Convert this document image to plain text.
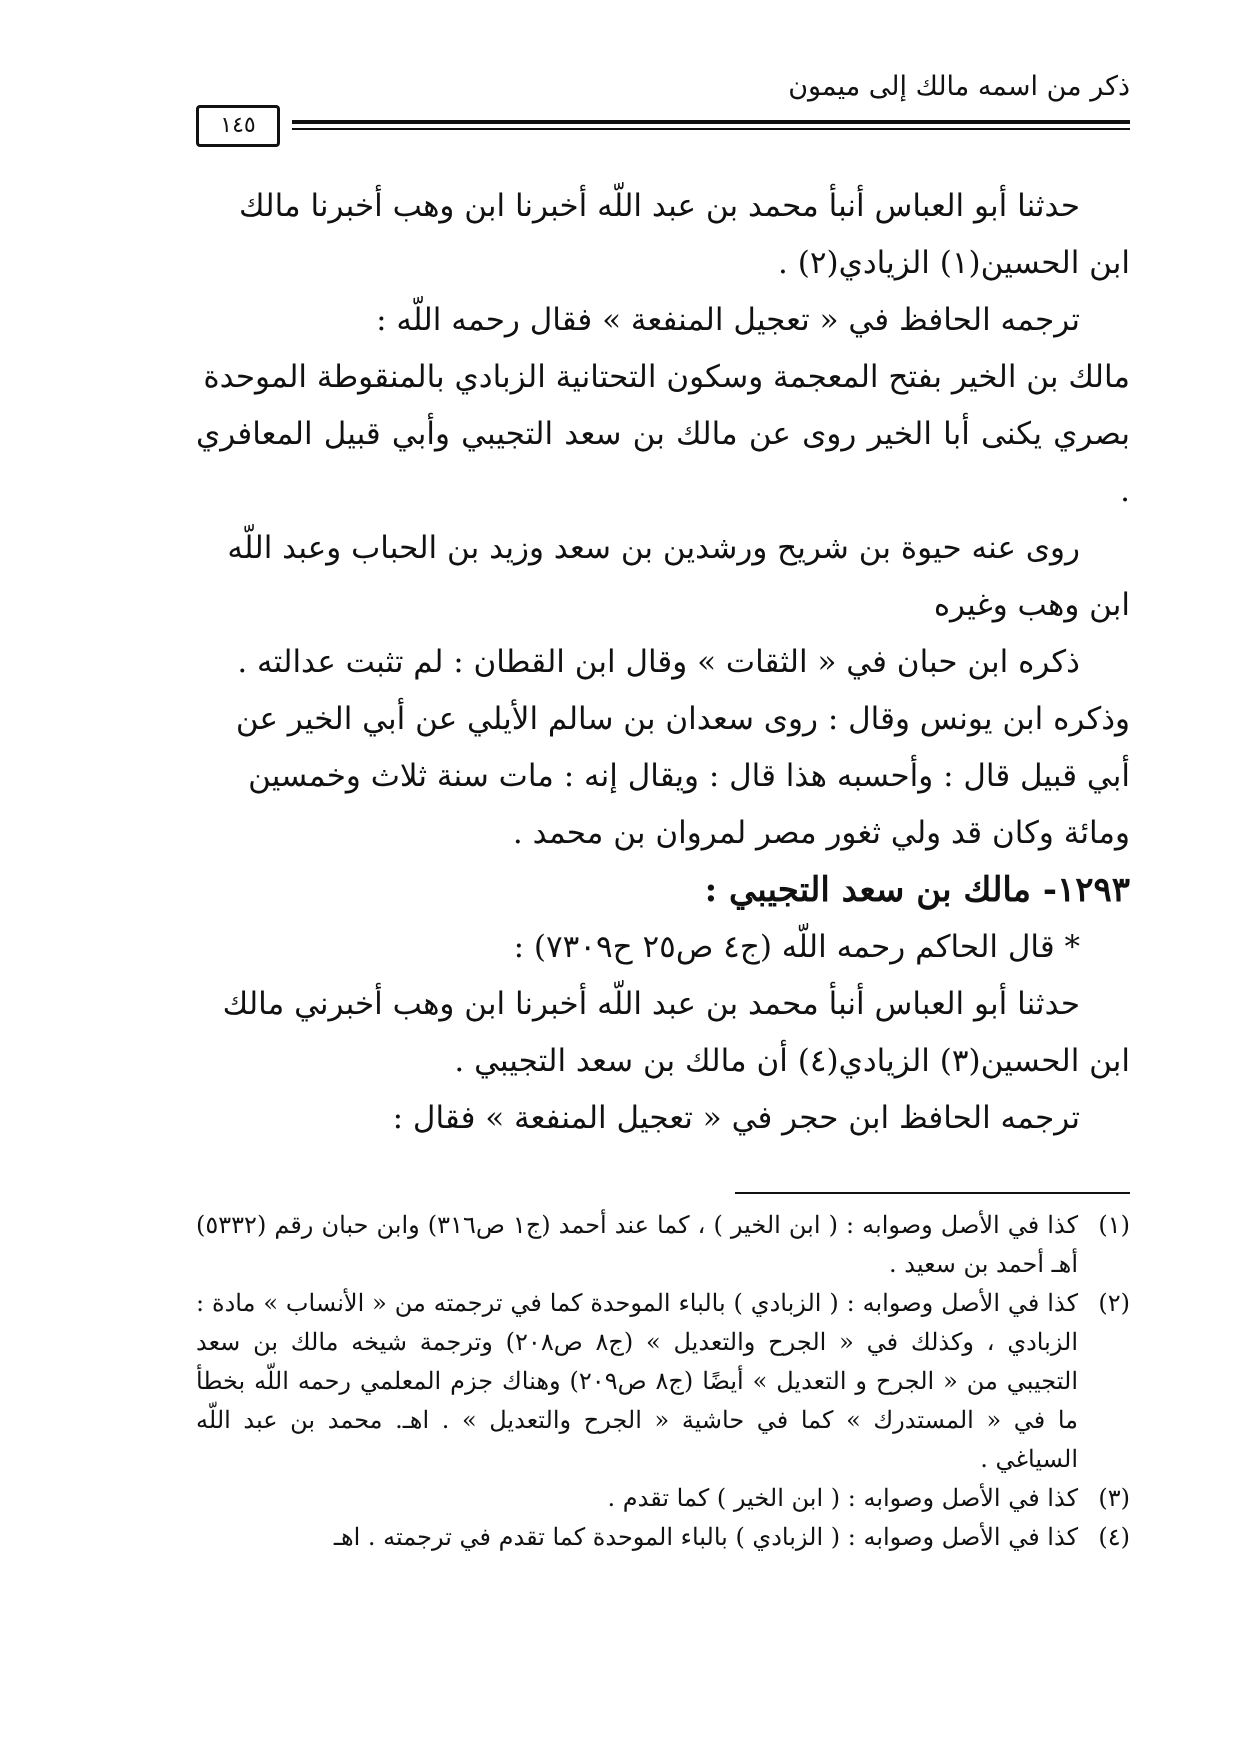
ذكر من اسمه مالك إلى ميمون
١٤٥

حدثنا أبو العباس أنبأ محمد بن عبد اللّه أخبرنا ابن وهب أخبرنا مالك

ابن الحسين(١) الزيادي(٢) .

ترجمه الحافظ في « تعجيل المنفعة » فقال رحمه اللّه :

مالك بن الخير بفتح المعجمة وسكون التحتانية الزبادي بالمنقوطة الموحدة

بصري يكنى أبا الخير روى عن مالك بن سعد التجيبي وأبي قبيل المعافري .

روى عنه حيوة بن شريح ورشدين بن سعد وزيد بن الحباب وعبد اللّه

ابن وهب وغيره

ذكره ابن حبان في « الثقات » وقال ابن القطان : لم تثبت عدالته .

وذكره ابن يونس وقال : روى سعدان بن سالم الأيلي عن أبي الخير عن

أبي قبيل قال : وأحسبه هذا قال : ويقال إنه : مات سنة ثلاث وخمسين

ومائة وكان قد ولي ثغور مصر لمروان بن محمد .

١٢٩٣- مالك بن سعد التجيبي :

* قال الحاكم رحمه اللّه (ج٤ ص٢٥ ح٧٣٠٩) :

حدثنا أبو العباس أنبأ محمد بن عبد اللّه أخبرنا ابن وهب أخبرني مالك

ابن الحسين(٣) الزيادي(٤) أن مالك بن سعد التجيبي .

ترجمه الحافظ ابن حجر في « تعجيل المنفعة » فقال :

(١)
كذا في الأصل وصوابه : ( ابن الخير ) ، كما عند أحمد (ج١ ص٣١٦) وابن حبان رقم (٥٣٣٢) أهـ أحمد بن سعيد .
(٢)
كذا في الأصل وصوابه : ( الزبادي ) بالباء الموحدة كما في ترجمته من « الأنساب » مادة : الزبادي ، وكذلك في « الجرح والتعديل » (ج٨ ص٢٠٨) وترجمة شيخه مالك بن سعد التجيبي من « الجرح و التعديل » أيضًا (ج٨ ص٢٠٩) وهناك جزم المعلمي رحمه اللّه بخطأ ما في « المستدرك » كما في حاشية « الجرح والتعديل » . اهـ. محمد بن عبد اللّه السياغي .
(٣)
كذا في الأصل وصوابه : ( ابن الخير ) كما تقدم .
(٤)
كذا في الأصل وصوابه : ( الزبادي ) بالباء الموحدة كما تقدم في ترجمته . اهـ
